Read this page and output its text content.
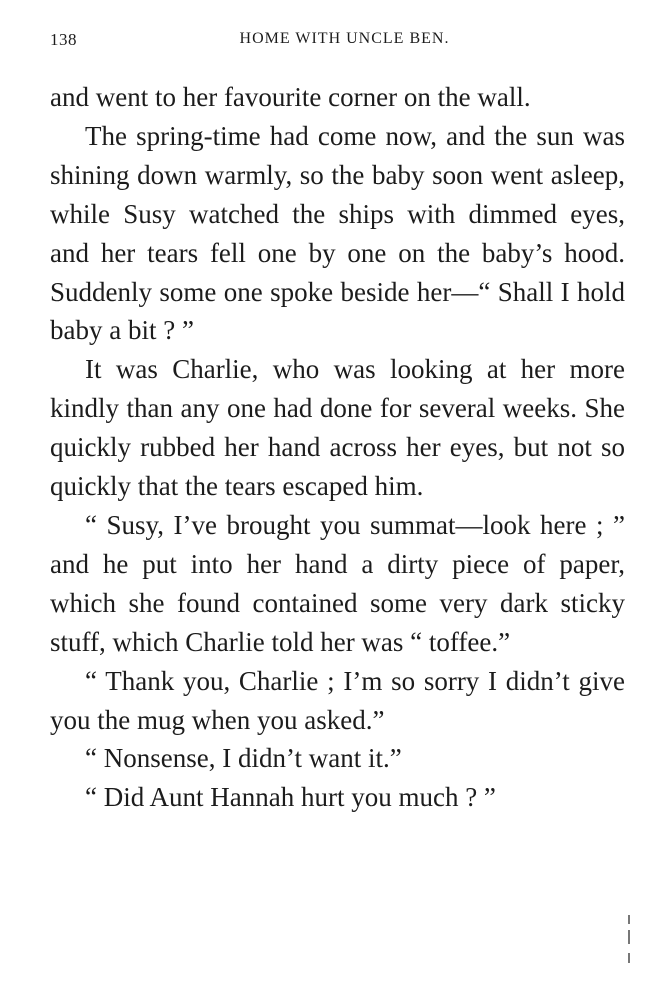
138	HOME WITH UNCLE BEN.

and went to her favourite corner on the wall.

The spring-time had come now, and the sun was shining down warmly, so the baby soon went asleep, while Susy watched the ships with dimmed eyes, and her tears fell one by one on the baby’s hood. Suddenly some one spoke beside her—“ Shall I hold baby a bit ? ”

It was Charlie, who was looking at her more kindly than any one had done for several weeks. She quickly rubbed her hand across her eyes, but not so quickly that the tears escaped him.

“ Susy, I’ve brought you summat—look here ; ” and he put into her hand a dirty piece of paper, which she found contained some very dark sticky stuff, which Charlie told her was “ toffee.”

“ Thank you, Charlie ; I’m so sorry I didn’t give you the mug when you asked.”

“ Nonsense, I didn’t want it.”

“ Did Aunt Hannah hurt you much ? ”
